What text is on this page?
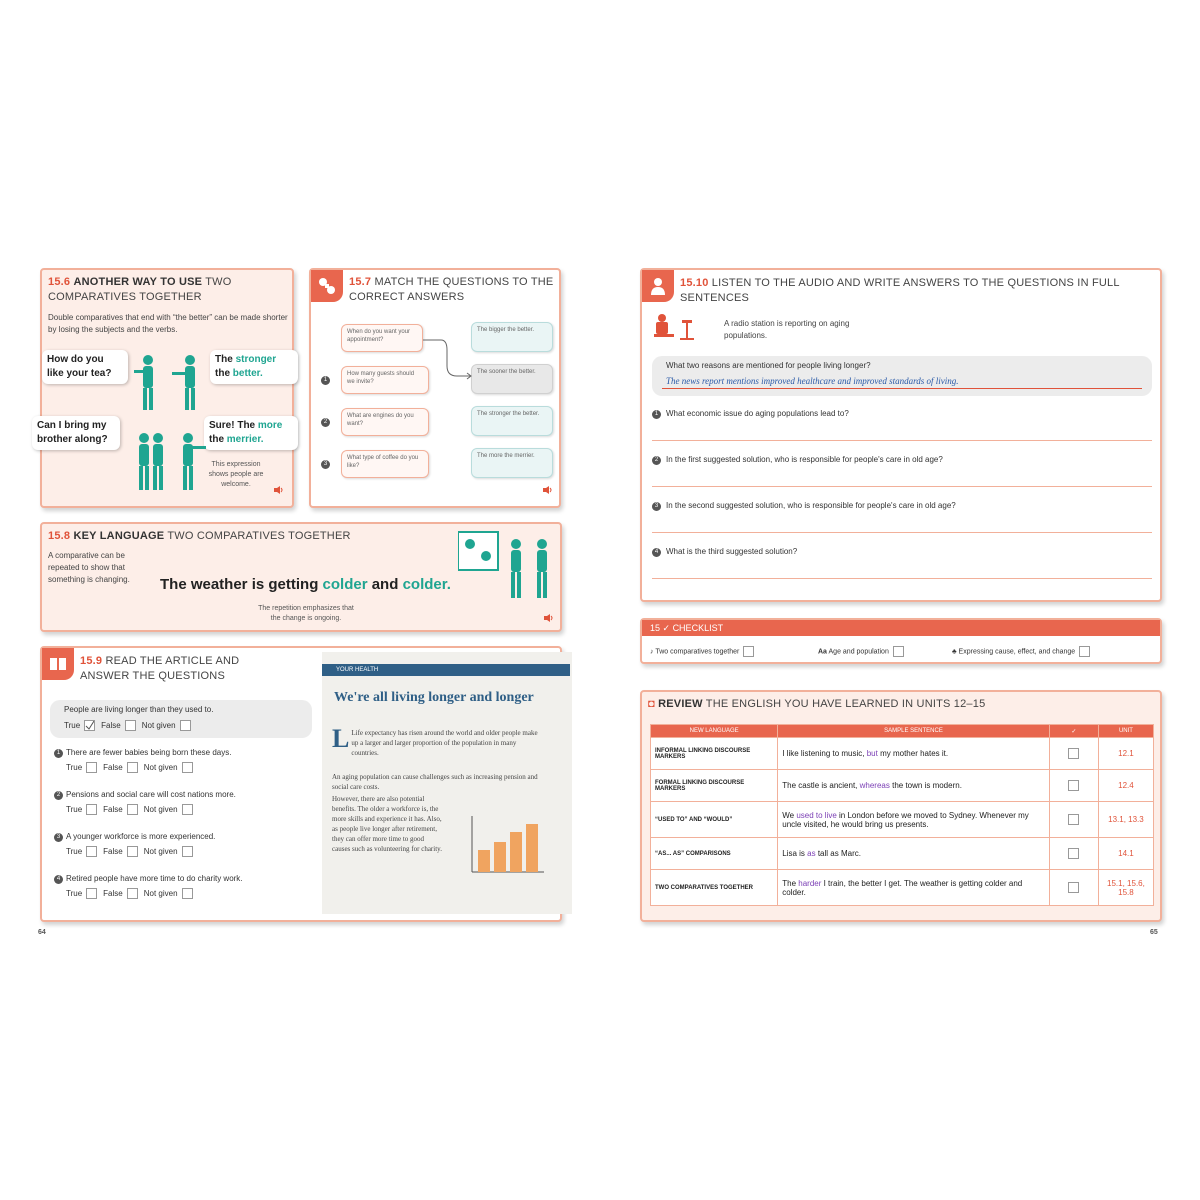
15.6 ANOTHER WAY TO USE TWO COMPARATIVES TOGETHER
Double comparatives that end with “the better” can be made shorter by losing the subjects and the verbs.
How do you like your tea?
The stronger
the better.
Can I bring my brother along?
Sure! The more
the merrier.
This expression shows people are welcome.
15.7 MATCH THE QUESTIONS TO THE CORRECT ANSWERS
When do you want your appointment?
How many guests should we invite?
What are engines do you want?
What type of coffee do you like?
The bigger the better.
The sooner the better.
The stronger the better.
The more the merrier.
1
2
3
15.8 KEY LANGUAGE TWO COMPARATIVES TOGETHER
A comparative can be repeated to show that something is changing.	The weather is getting colder and colder.
The repetition emphasizes that the change is ongoing.
15.9 READ THE ARTICLE AND ANSWER THE QUESTIONS
People are living longer than they used to.
True	False	Not given
1 There are fewer babies being born these days.
True	False	Not given
2 Pensions and social care will cost nations more.
True	False	Not given
3 A younger workforce is more experienced.
True	False	Not given
4 Retired people have more time to do charity work.
True	False	Not given
YOUR HEALTH
We're all living longer and longer
L Life expectancy has risen around the world and older people make up a larger and larger proportion of the population in many countries.
An aging population can cause challenges such as increasing pension and social care costs.
However, there are also potential benefits. The older a workforce is, the more skills and experience it has. Also, as people live longer after retirement, they can offer more time to good causes such as volunteering for charity.
64
15.10 LISTEN TO THE AUDIO AND WRITE ANSWERS TO THE QUESTIONS IN FULL SENTENCES
A radio station is reporting on aging populations.
What two reasons are mentioned for people living longer?
The news report mentions improved healthcare and improved standards of living.
1 What economic issue do aging populations lead to?
2 In the first suggested solution, who is responsible for people's care in old age?
3 In the second suggested solution, who is responsible for people's care in old age?
4 What is the third suggested solution?
15 ✓ CHECKLIST
♪ Two comparatives together	Aa Age and population	♣ Expressing cause, effect, and change
◘ REVIEW THE ENGLISH YOU HAVE LEARNED IN UNITS 12–15
NEW LANGUAGE	SAMPLE SENTENCE	✓	UNIT
INFORMAL LINKING DISCOURSE MARKERS	I like listening to music, but my mother hates it.		12.1
FORMAL LINKING DISCOURSE MARKERS	The castle is ancient, whereas the town is modern.		12.4
“USED TO” AND “WOULD”	We used to live in London before we moved to Sydney. Whenever my uncle visited, he would bring us presents.		13.1, 13.3
“AS... AS” COMPARISONS	Lisa is as tall as Marc.		14.1
TWO COMPARATIVES TOGETHER	The harder I train, the better I get. The weather is getting colder and colder.		15.1, 15.6, 15.8
65
